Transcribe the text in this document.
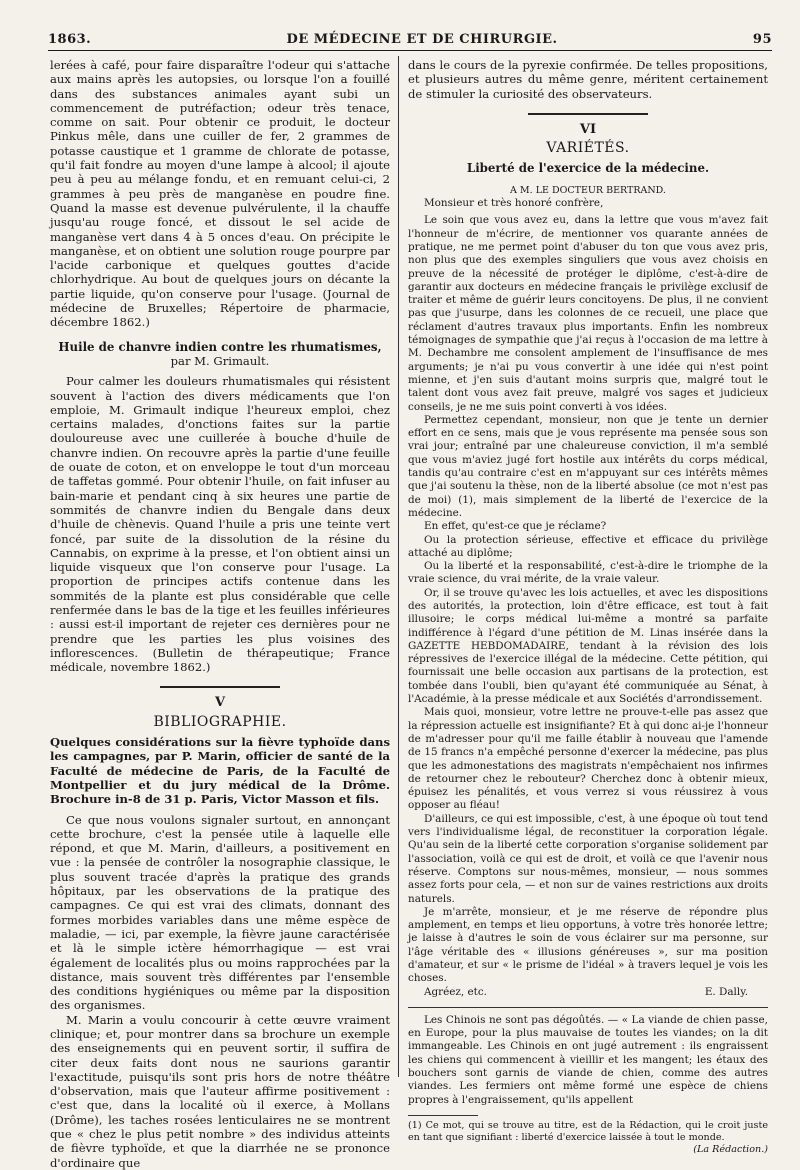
1863.	DE MÉDECINE ET DE CHIRURGIE.	95

lerées à café, pour faire disparaître l'odeur qui s'attache aux mains après les autopsies, ou lorsque l'on a fouillé dans des substances animales ayant subi un commencement de putréfaction; odeur très tenace, comme on sait. Pour obtenir ce produit, le docteur Pinkus mêle, dans une cuiller de fer, 2 grammes de potasse caustique et 1 gramme de chlorate de potasse, qu'il fait fondre au moyen d'une lampe à alcool; il ajoute peu à peu au mélange fondu, et en remuant celui-ci, 2 grammes à peu près de manganèse en poudre fine. Quand la masse est devenue pulvérulente, il la chauffe jusqu'au rouge foncé, et dissout le sel acide de manganèse vert dans 4 à 5 onces d'eau. On précipite le manganèse, et on obtient une solution rouge pourpre par l'acide carbonique et quelques gouttes d'acide chlorhydrique. Au bout de quelques jours on décante la partie liquide, qu'on conserve pour l'usage. (Journal de médecine de Bruxelles; Répertoire de pharmacie, décembre 1862.)

Huile de chanvre indien contre les rhumatismes,

par M. Grimault.

Pour calmer les douleurs rhumatismales qui résistent souvent à l'action des divers médicaments que l'on emploie, M. Grimault indique l'heureux emploi, chez certains malades, d'onctions faites sur la partie douloureuse avec une cuillerée à bouche d'huile de chanvre indien. On recouvre après la partie d'une feuille de ouate de coton, et on enveloppe le tout d'un morceau de taffetas gommé. Pour obtenir l'huile, on fait infuser au bain-marie et pendant cinq à six heures une partie de sommités de chanvre indien du Bengale dans deux d'huile de chènevis. Quand l'huile a pris une teinte vert foncé, par suite de la dissolution de la résine du Cannabis, on exprime à la presse, et l'on obtient ainsi un liquide visqueux que l'on conserve pour l'usage. La proportion de principes actifs contenue dans les sommités de la plante est plus considérable que celle renfermée dans le bas de la tige et les feuilles inférieures : aussi est-il important de rejeter ces dernières pour ne prendre que les parties les plus voisines des inflorescences. (Bulletin de thérapeutique; France médicale, novembre 1862.)

V

BIBLIOGRAPHIE.

Quelques considérations sur la fièvre typhoïde dans les campagnes, par P. Marin, officier de santé de la Faculté de médecine de Paris, de la Faculté de Montpellier et du jury médical de la Drôme. Brochure in-8 de 31 p. Paris, Victor Masson et fils.

Ce que nous voulons signaler surtout, en annonçant cette brochure, c'est la pensée utile à laquelle elle répond, et que M. Marin, d'ailleurs, a positivement en vue : la pensée de contrôler la nosographie classique, le plus souvent tracée d'après la pratique des grands hôpitaux, par les observations de la pratique des campagnes. Ce qui est vrai des climats, donnant des formes morbides variables dans une même espèce de maladie, — ici, par exemple, la fièvre jaune caractérisée et là le simple ictère hémorrhagique — est vrai également de localités plus ou moins rapprochées par la distance, mais souvent très différentes par l'ensemble des conditions hygiéniques ou même par la disposition des organismes.

M. Marin a voulu concourir à cette œuvre vraiment clinique; et, pour montrer dans sa brochure un exemple des enseignements qui en peuvent sortir, il suffira de citer deux faits dont nous ne saurions garantir l'exactitude, puisqu'ils sont pris hors de notre théâtre d'observation, mais que l'auteur affirme positivement : c'est que, dans la localité où il exerce, à Mollans (Drôme), les taches rosées lenticulaires ne se montrent que « chez le plus petit nombre » des individus atteints de fièvre typhoïde, et que la diarrhée ne se prononce d'ordinaire que

dans le cours de la pyrexie confirmée. De telles propositions, et plusieurs autres du même genre, méritent certainement de stimuler la curiosité des observateurs.

VI

VARIÉTÉS.

Liberté de l'exercice de la médecine.

A M. LE DOCTEUR BERTRAND.

Monsieur et très honoré confrère,

Le soin que vous avez eu, dans la lettre que vous m'avez fait l'honneur de m'écrire, de mentionner vos quarante années de pratique, ne me permet point d'abuser du ton que vous avez pris, non plus que des exemples singuliers que vous avez choisis en preuve de la nécessité de protéger le diplôme, c'est-à-dire de garantir aux docteurs en médecine français le privilège exclusif de traiter et même de guérir leurs concitoyens. De plus, il ne convient pas que j'usurpe, dans les colonnes de ce recueil, une place que réclament d'autres travaux plus importants. Enfin les nombreux témoignages de sympathie que j'ai reçus à l'occasion de ma lettre à M. Dechambre me consolent amplement de l'insuffisance de mes arguments; je n'ai pu vous convertir à une idée qui n'est point mienne, et j'en suis d'autant moins surpris que, malgré tout le talent dont vous avez fait preuve, malgré vos sages et judicieux conseils, je ne me suis point converti à vos idées.

Permettez cependant, monsieur, non que je tente un dernier effort en ce sens, mais que je vous représente ma pensée sous son vrai jour; entraîné par une chaleureuse conviction, il m'a semblé que vous m'aviez jugé fort hostile aux intérêts du corps médical, tandis qu'au contraire c'est en m'appuyant sur ces intérêts mêmes que j'ai soutenu la thèse, non de la liberté absolue (ce mot n'est pas de moi) (1), mais simplement de la liberté de l'exercice de la médecine.

En effet, qu'est-ce que je réclame?

Ou la protection sérieuse, effective et efficace du privilège attaché au diplôme;

Ou la liberté et la responsabilité, c'est-à-dire le triomphe de la vraie science, du vrai mérite, de la vraie valeur.

Or, il se trouve qu'avec les lois actuelles, et avec les dispositions des autorités, la protection, loin d'être efficace, est tout à fait illusoire; le corps médical lui-même a montré sa parfaite indifférence à l'égard d'une pétition de M. Linas insérée dans la GAZETTE HEBDOMADAIRE, tendant à la révision des lois répressives de l'exercice illégal de la médecine. Cette pétition, qui fournissait une belle occasion aux partisans de la protection, est tombée dans l'oubli, bien qu'ayant été communiquée au Sénat, à l'Académie, à la presse médicale et aux Sociétés d'arrondissement.

Mais quoi, monsieur, votre lettre ne prouve-t-elle pas assez que la répression actuelle est insignifiante? Et à qui donc ai-je l'honneur de m'adresser pour qu'il me faille établir à nouveau que l'amende de 15 francs n'a empêché personne d'exercer la médecine, pas plus que les admonestations des magistrats n'empêchaient nos infirmes de retourner chez le rebouteur? Cherchez donc à obtenir mieux, épuisez les pénalités, et vous verrez si vous réussirez à vous opposer au fléau!

D'ailleurs, ce qui est impossible, c'est, à une époque où tout tend vers l'individualisme légal, de reconstituer la corporation légale. Qu'au sein de la liberté cette corporation s'organise solidement par l'association, voilà ce qui est de droit, et voilà ce que l'avenir nous réserve. Comptons sur nous-mêmes, monsieur, — nous sommes assez forts pour cela, — et non sur de vaines restrictions aux droits naturels.

Je m'arrête, monsieur, et je me réserve de répondre plus amplement, en temps et lieu opportuns, à votre très honorée lettre; je laisse à d'autres le soin de vous éclairer sur ma personne, sur l'âge véritable des « illusions généreuses », sur ma position d'amateur, et sur « le prisme de l'idéal » à travers lequel je vois les choses.

Agréez, etc.	E. Dally.

Les Chinois ne sont pas dégoûtés. — « La viande de chien passe, en Europe, pour la plus mauvaise de toutes les viandes; on la dit immangeable. Les Chinois en ont jugé autrement : ils engraissent les chiens qui commencent à vieillir et les mangent; les étaux des bouchers sont garnis de viande de chien, comme des autres viandes. Les fermiers ont même formé une espèce de chiens propres à l'engraissement, qu'ils appellent

(1) Ce mot, qui se trouve au titre, est de la Rédaction, qui le croit juste en tant que signifiant : liberté d'exercice laissée à tout le monde.
(La Rédaction.)
